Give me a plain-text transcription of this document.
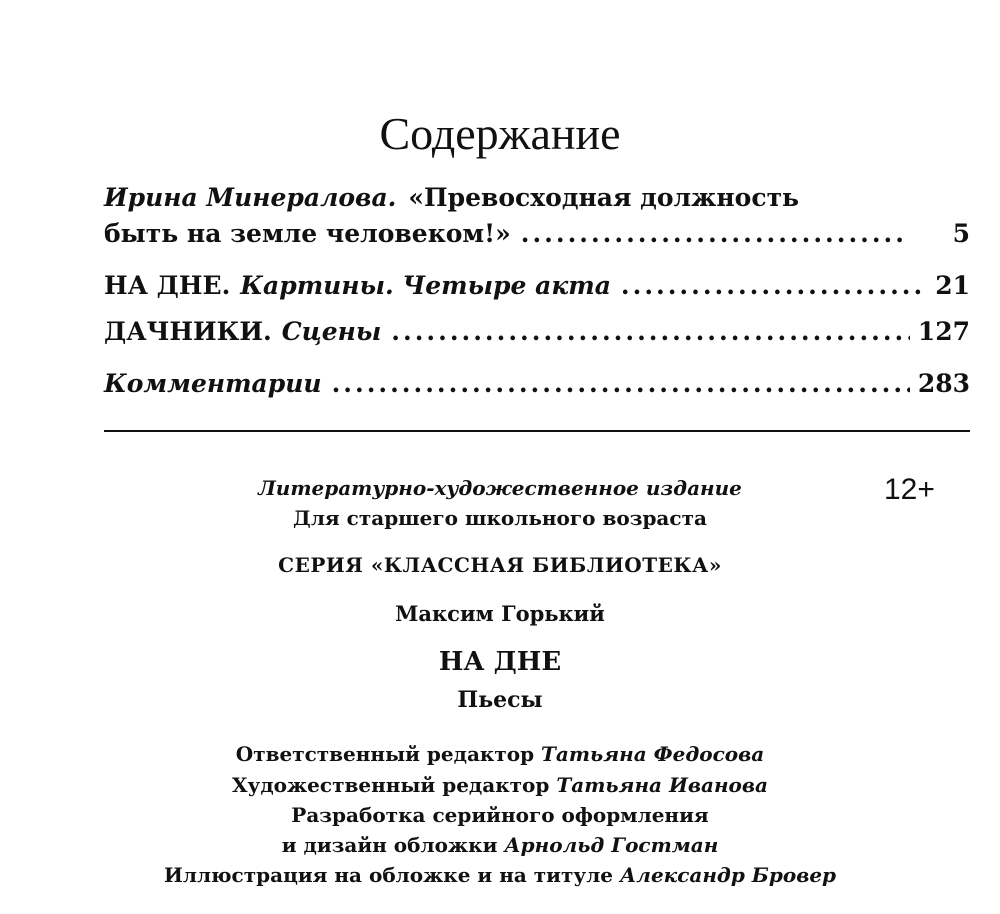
Содержание
Ирина Минералова. «Превосходная должность
быть на земле человеком!» .....	5
НА ДНЕ. Картины. Четыре акта .....	21
ДАЧНИКИ. Сцены .....	127
Комментарии .....	283
Литературно-художественное издание	12+
Для старшего школьного возраста
СЕРИЯ «КЛАССНАЯ БИБЛИОТЕКА»
Максим Горький
НА ДНЕ
Пьесы
Ответственный редактор Татьяна Федосова
Художественный редактор Татьяна Иванова
Разработка серийного оформления
и дизайн обложки Арнольд Гостман
Иллюстрация на обложке и на титуле Александр Бровер
